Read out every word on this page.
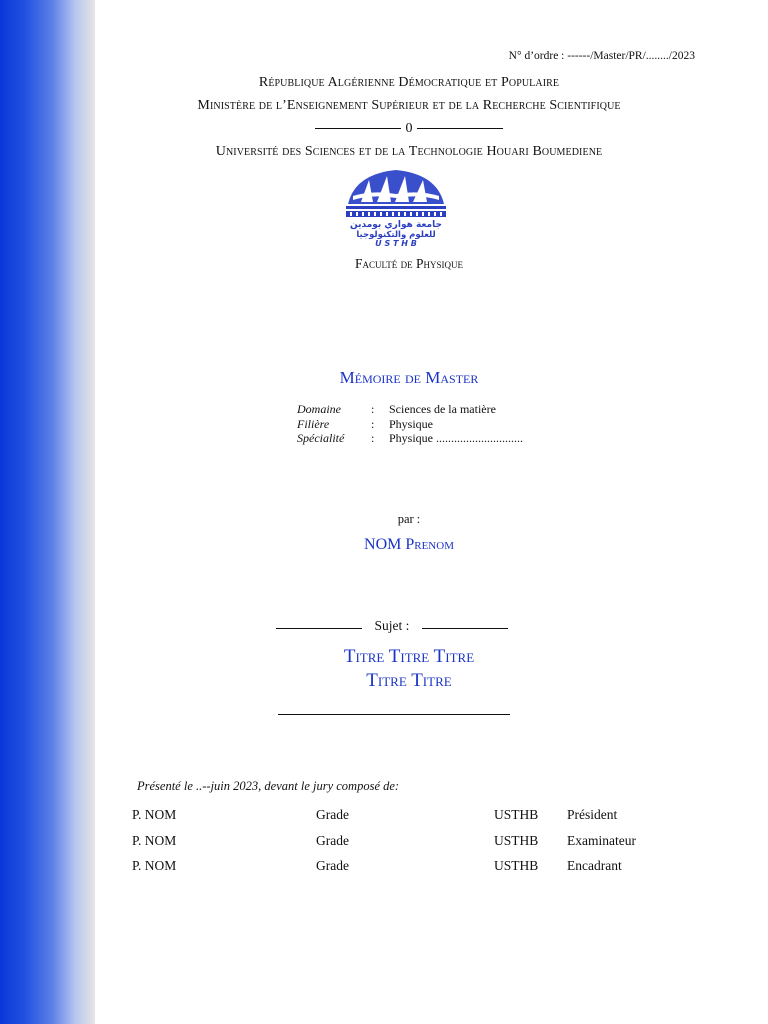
N° d’ordre : ------/Master/PR/......../2023
République Algérienne Démocratique et Populaire
Ministère de l’Enseignement Supérieur et de la Recherche Scientifique
0
Université des Sciences et de la Technologie Houari Boumediene
جامعة هواري بومدين
للعلوم والتكنولوجيا
U S T H B
Faculté de Physique
Mémoire de Master
Domaine	:	Sciences de la matière
Filière	:	Physique
Spécialité	:	Physique .............................
par :
NOM Prenom
Sujet :
Titre Titre Titre
Titre Titre
Présenté le ..--juin 2023, devant le jury composé de:
P. NOM	Grade	USTHB Président
P. NOM	Grade	USTHB Examinateur
P. NOM	Grade	USTHB Encadrant
